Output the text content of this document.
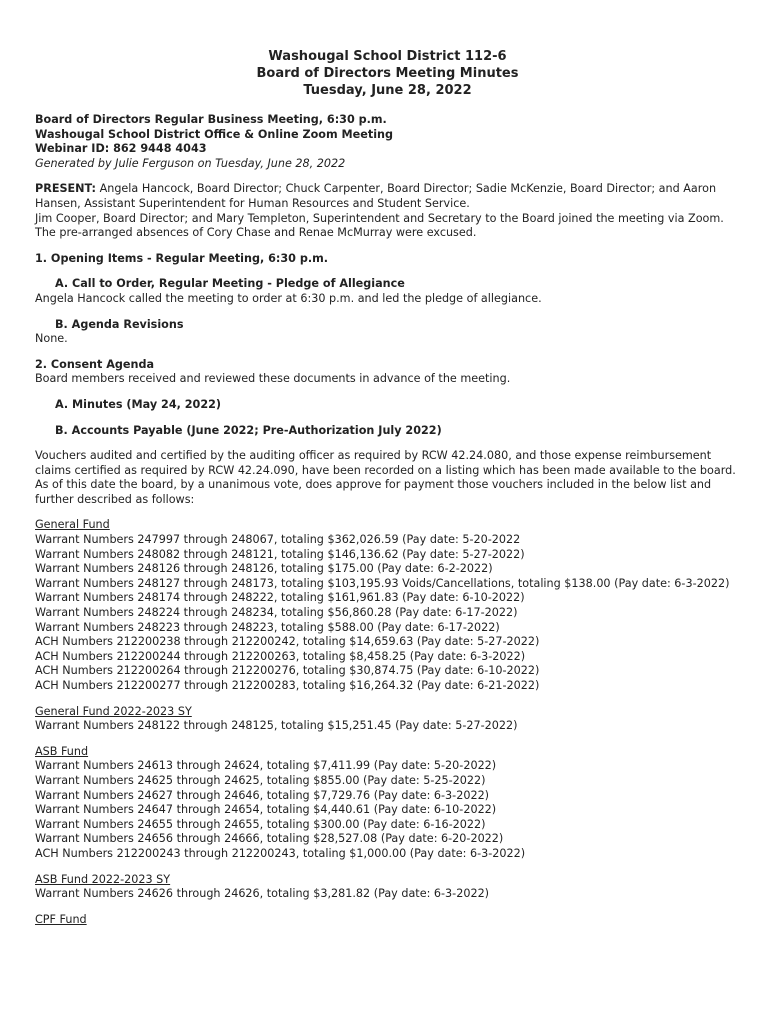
Washougal School District 112-6
Board of Directors Meeting Minutes
Tuesday, June 28, 2022
Board of Directors Regular Business Meeting, 6:30 p.m.
Washougal School District Office & Online Zoom Meeting
Webinar ID: 862 9448 4043
Generated by Julie Ferguson on Tuesday, June 28, 2022

PRESENT: Angela Hancock, Board Director; Chuck Carpenter, Board Director; Sadie McKenzie, Board Director; and Aaron Hansen, Assistant Superintendent for Human Resources and Student Service.

Jim Cooper, Board Director; and Mary Templeton, Superintendent and Secretary to the Board joined the meeting via Zoom.

The pre-arranged absences of Cory Chase and Renae McMurray were excused.

1. Opening Items - Regular Meeting, 6:30 p.m.
A. Call to Order, Regular Meeting - Pledge of Allegiance
Angela Hancock called the meeting to order at 6:30 p.m. and led the pledge of allegiance.
B. Agenda Revisions
None.
2. Consent Agenda
Board members received and reviewed these documents in advance of the meeting.
A. Minutes (May 24, 2022)
B. Accounts Payable (June 2022; Pre-Authorization July 2022)

Vouchers audited and certified by the auditing officer as required by RCW 42.24.080, and those expense reimbursement claims certified as required by RCW 42.24.090, have been recorded on a listing which has been made available to the board. As of this date the board, by a unanimous vote, does approve for payment those vouchers included in the below list and further described as follows:

General Fund
Warrant Numbers 247997 through 248067, totaling $362,026.59 (Pay date: 5-20-2022
Warrant Numbers 248082 through 248121, totaling $146,136.62 (Pay date: 5-27-2022)
Warrant Numbers 248126 through 248126, totaling $175.00 (Pay date: 6-2-2022)
Warrant Numbers 248127 through 248173, totaling $103,195.93 Voids/Cancellations, totaling $138.00 (Pay date: 6-3-2022)
Warrant Numbers 248174 through 248222, totaling $161,961.83 (Pay date: 6-10-2022)
Warrant Numbers 248224 through 248234, totaling $56,860.28 (Pay date: 6-17-2022)
Warrant Numbers 248223 through 248223, totaling $588.00 (Pay date: 6-17-2022)
ACH Numbers 212200238 through 212200242, totaling $14,659.63 (Pay date: 5-27-2022)
ACH Numbers 212200244 through 212200263, totaling $8,458.25 (Pay date: 6-3-2022)
ACH Numbers 212200264 through 212200276, totaling $30,874.75 (Pay date: 6-10-2022)
ACH Numbers 212200277 through 212200283, totaling $16,264.32 (Pay date: 6-21-2022)
General Fund 2022-2023 SY
Warrant Numbers 248122 through 248125, totaling $15,251.45 (Pay date: 5-27-2022)
ASB Fund
Warrant Numbers 24613 through 24624, totaling $7,411.99 (Pay date: 5-20-2022)
Warrant Numbers 24625 through 24625, totaling $855.00 (Pay date: 5-25-2022)
Warrant Numbers 24627 through 24646, totaling $7,729.76 (Pay date: 6-3-2022)
Warrant Numbers 24647 through 24654, totaling $4,440.61 (Pay date: 6-10-2022)
Warrant Numbers 24655 through 24655, totaling $300.00 (Pay date: 6-16-2022)
Warrant Numbers 24656 through 24666, totaling $28,527.08 (Pay date: 6-20-2022)
ACH Numbers 212200243 through 212200243, totaling $1,000.00 (Pay date: 6-3-2022)
ASB Fund 2022-2023 SY
Warrant Numbers 24626 through 24626, totaling $3,281.82 (Pay date: 6-3-2022)
CPF Fund
